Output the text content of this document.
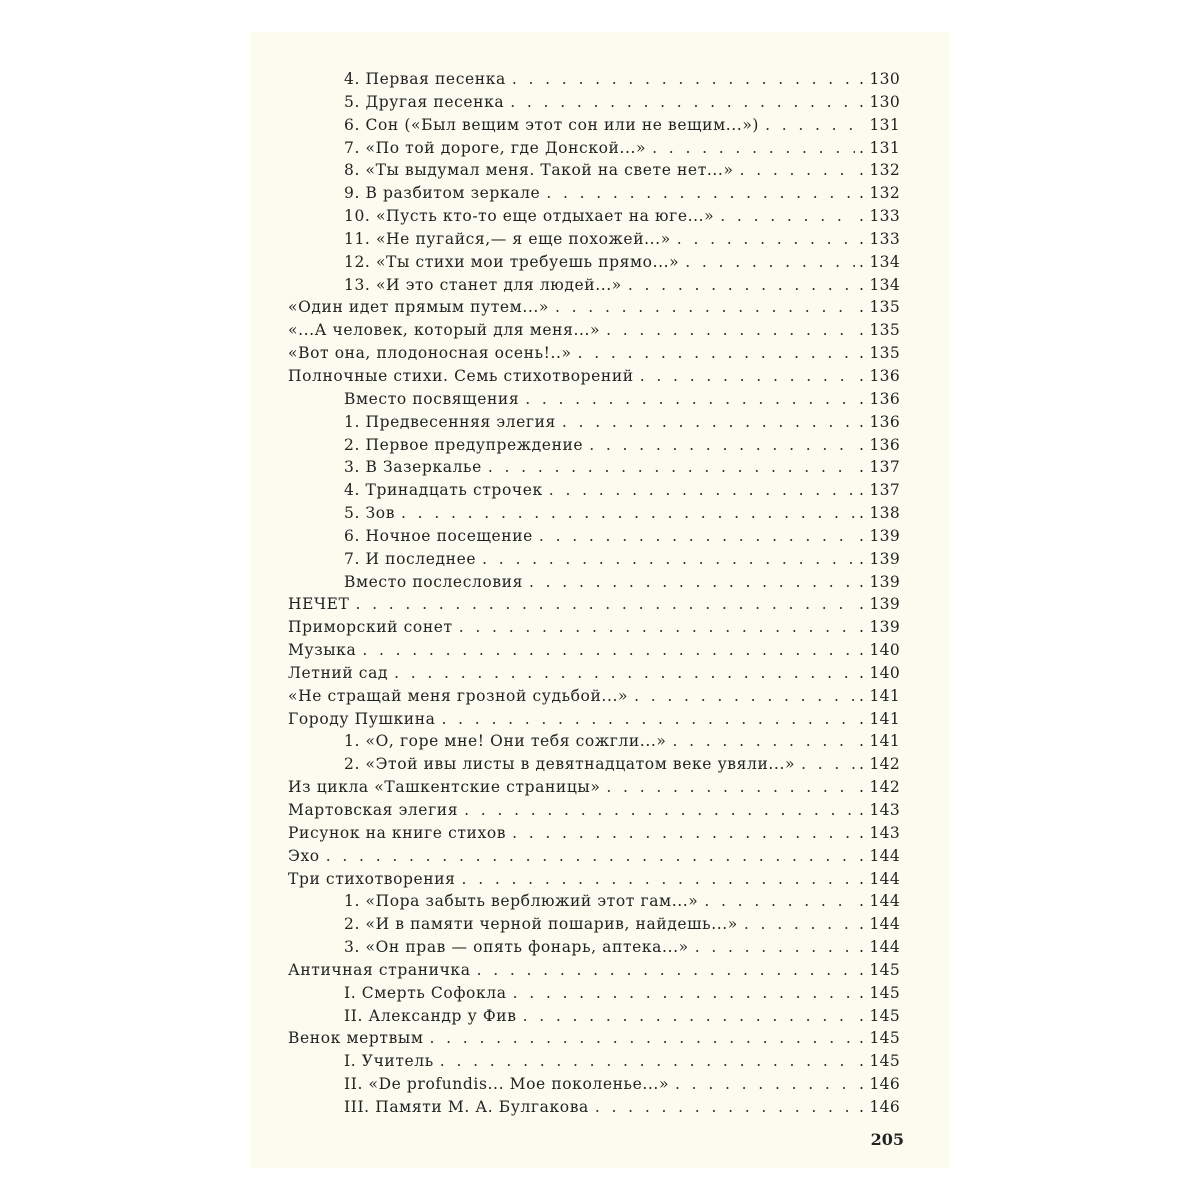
4. Первая песенка . . .	. 130
5. Другая песенка . . .	. 130
6. Сон («Был вещим этот сон или не вещим...») . . .	131
7. «По той дороге, где Донской...» . . .	. 131
8. «Ты выдумал меня. Такой на свете нет...» . . .	. 132
9. В разбитом зеркале . . .	. 132
10. «Пусть кто-то еще отдыхает на юге...» . . .	. 133
11. «Не пугайся,— я еще похожей...» . . .	. 133
12. «Ты стихи мои требуешь прямо...» . . .	. 134
13. «И это станет для людей...» . . .	. 134
«Один идет прямым путем...» . . .	. 135
«...А человек, который для меня...» . . .	. 135
«Вот она, плодоносная осень!..» . . .	. 135
Полночные стихи. Семь стихотворений . . .	. 136
Вместо посвящения . . .	. 136
1. Предвесенняя элегия . . .	. 136
2. Первое предупреждение . . .	. 136
3. В Зазеркалье . . .	. 137
4. Тринадцать строчек . . .	. 137
5. Зов . . .	. 138
6. Ночное посещение . . .	. 139
7. И последнее . . .	. 139
Вместо послесловия . . .	. 139
НЕЧЕТ . . .	. 139
Приморский сонет . . .	. 139
Музыка . . .	. 140
Летний сад . . .	. 140
«Не стращай меня грозной судьбой...» . . .	. 141
Городу Пушкина . . .	. 141
1. «О, горе мне! Они тебя сожгли...» . . .	. 141
2. «Этой ивы листы в девятнадцатом веке увяли...» . . .	. 142
Из цикла «Ташкентские страницы» . . .	. 142
Мартовская элегия . . .	. 143
Рисунок на книге стихов . . .	. 143
Эхо . . .	. 144
Три стихотворения . . .	. 144
1. «Пора забыть верблюжий этот гам...» . . .	. 144
2. «И в памяти черной пошарив, найдешь...» . . .	. 144
3. «Он прав — опять фонарь, аптека...» . . .	. 144
Античная страничка . . .	. 145
I. Смерть Софокла . . .	. 145
II. Александр у Фив . . .	. 145
Венок мертвым . . .	. 145
I. Учитель . . .	. 145
II. «De profundis... Мое поколенье...» . . .	. 146
III. Памяти М. А. Булгакова . . .	. 146
205
